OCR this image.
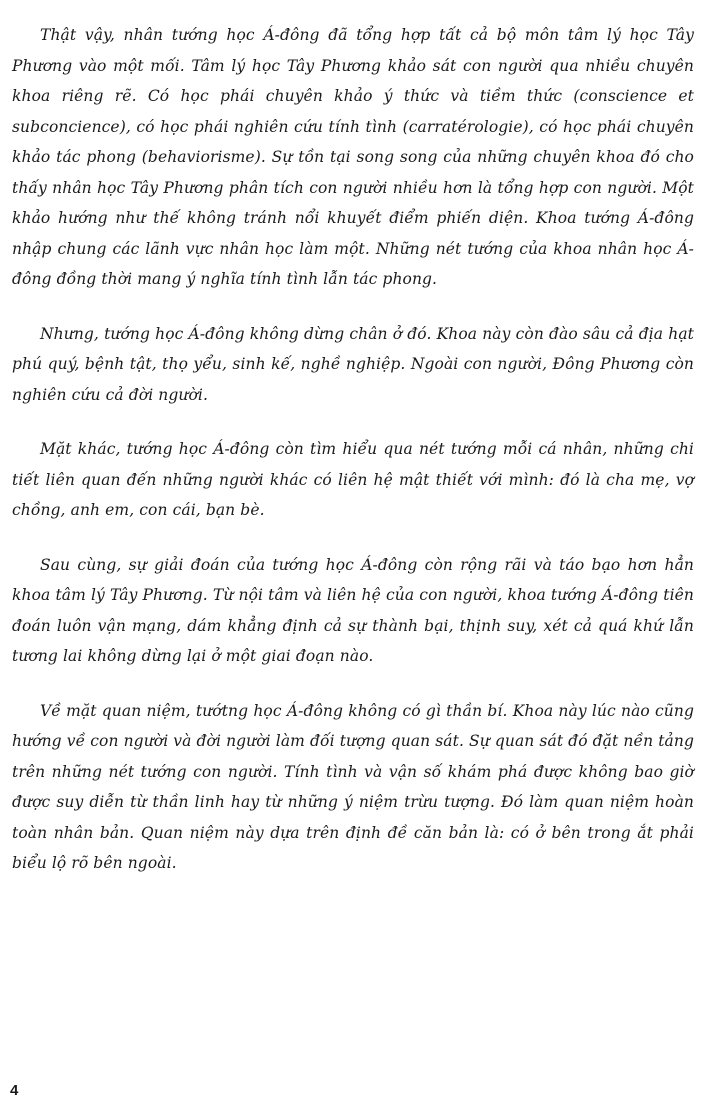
Thật vậy, nhân tướng học Á-đông đã tổng hợp tất cả bộ môn tâm lý học Tây Phương vào một mối. Tâm lý học Tây Phương khảo sát con người qua nhiều chuyên khoa riêng rẽ. Có học phái chuyên khảo ý thức và tiềm thức (conscience et subconcience), có học phái nghiên cứu tính tình (carratérologie), có học phái chuyên khảo tác phong (behaviorisme). Sự tồn tại song song của những chuyên khoa đó cho thấy nhân học Tây Phương phân tích con người nhiều hơn là tổng hợp con người. Một khảo hướng như thế không tránh nổi khuyết điểm phiến diện. Khoa tướng Á-đông nhập chung các lãnh vực nhân học làm một. Những nét tướng của khoa nhân học Á-đông đồng thời mang ý nghĩa tính tình lẫn tác phong.

Nhưng, tướng học Á-đông không dừng chân ở đó. Khoa này còn đào sâu cả địa hạt phú quý, bệnh tật, thọ yểu, sinh kế, nghề nghiệp. Ngoài con người, Đông Phương còn nghiên cứu cả đời người.

Mặt khác, tướng học Á-đông còn tìm hiểu qua nét tướng mỗi cá nhân, những chi tiết liên quan đến những người khác có liên hệ mật thiết với mình: đó là cha mẹ, vợ chồng, anh em, con cái, bạn bè.

Sau cùng, sự giải đoán của tướng học Á-đông còn rộng rãi và táo bạo hơn hẳn khoa tâm lý Tây Phương. Từ nội tâm và liên hệ của con người, khoa tướng Á-đông tiên đoán luôn vận mạng, dám khẳng định cả sự thành bại, thịnh suy, xét cả quá khứ lẫn tương lai không dừng lại ở một giai đoạn nào.

Về mặt quan niệm, tướtng học Á-đông không có gì thần bí. Khoa này lúc nào cũng hướng về con người và đời người làm đối tượng quan sát. Sự quan sát đó đặt nền tảng trên những nét tướng con người. Tính tình và vận số khám phá được không bao giờ được suy diễn từ thần linh hay từ những ý niệm trừu tượng. Đó làm quan niệm hoàn toàn nhân bản. Quan niệm này dựa trên định đề căn bản là: có ở bên trong ắt phải biểu lộ rõ bên ngoài.

4
